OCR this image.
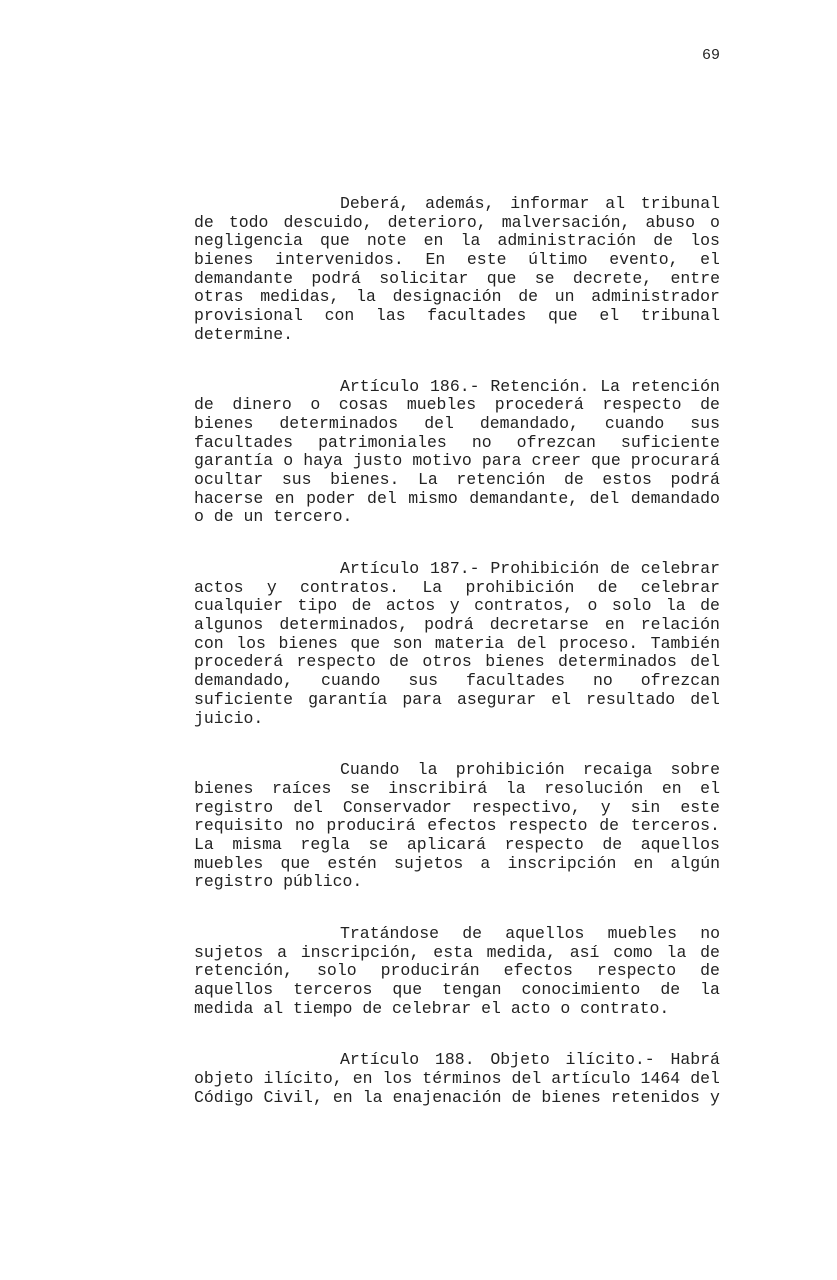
69
Deberá, además, informar al tribunal
de todo descuido, deterioro, malversación, abuso o
negligencia que note en la administración de los
bienes intervenidos. En este último evento, el
demandante podrá solicitar que se decrete, entre
otras medidas, la designación de un administrador
provisional con las facultades que el tribunal
determine.
Artículo 186.- Retención. La retención
de dinero o cosas muebles procederá respecto de
bienes determinados del demandado, cuando sus
facultades patrimoniales no ofrezcan suficiente
garantía o haya justo motivo para creer que procurará
ocultar sus bienes. La retención de estos podrá
hacerse en poder del mismo demandante, del demandado
o de un tercero.
Artículo 187.- Prohibición de celebrar
actos y contratos. La prohibición de celebrar
cualquier tipo de actos y contratos, o solo la de
algunos determinados, podrá decretarse en relación
con los bienes que son materia del proceso. También
procederá respecto de otros bienes determinados del
demandado, cuando sus facultades no ofrezcan
suficiente garantía para asegurar el resultado del
juicio.
Cuando la prohibición recaiga sobre
bienes raíces se inscribirá la resolución en el
registro del Conservador respectivo, y sin este
requisito no producirá efectos respecto de terceros.
La misma regla se aplicará respecto de aquellos
muebles que estén sujetos a inscripción en algún
registro público.
Tratándose de aquellos muebles no
sujetos a inscripción, esta medida, así como la de
retención, solo producirán efectos respecto de
aquellos terceros que tengan conocimiento de la
medida al tiempo de celebrar el acto o contrato.
Artículo 188. Objeto ilícito.- Habrá
objeto ilícito, en los términos del artículo 1464 del
Código Civil, en la enajenación de bienes retenidos y
